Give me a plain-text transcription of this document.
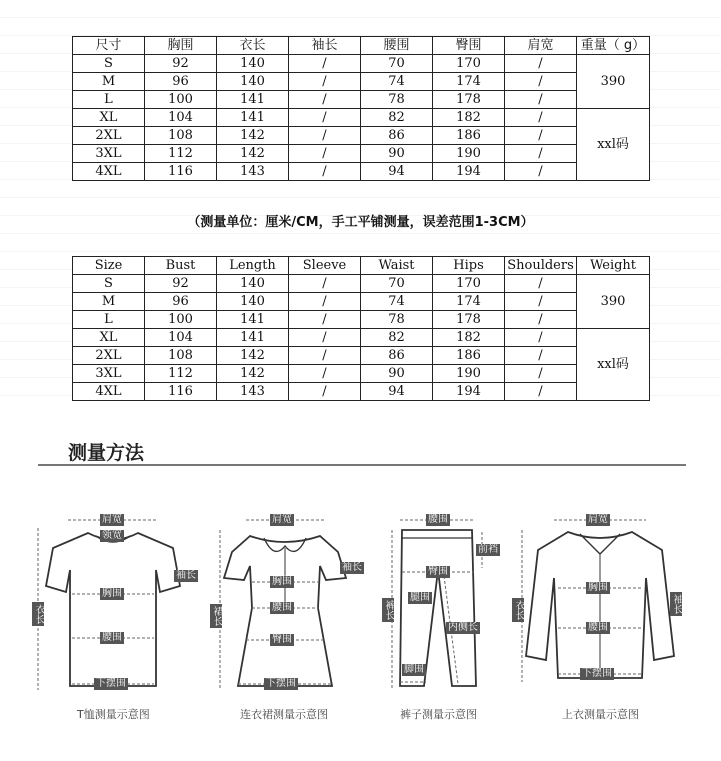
尺寸	胸围	衣长	袖长	腰围	臀围	肩宽	重量（ g）
S	92	140	/	70	170	/	390
M	96	140	/	74	174	/	
L	100	141	/	78	178	/	
XL	104	141	/	82	182	/	xxl码
2XL	108	142	/	86	186	/	
3XL	112	142	/	90	190	/	
4XL	116	143	/	94	194	/	
（测量单位：厘米/CM，手工平铺测量，误差范围1-3CM）
Size	Bust	Length	Sleeve	Waist	Hips	Shoulders	Weight
S	92	140	/	70	170	/	390
M	96	140	/	74	174	/	
L	100	141	/	78	178	/	
XL	104	141	/	82	182	/	xxl码
2XL	108	142	/	86	186	/	
3XL	112	142	/	90	190	/	
4XL	116	143	/	94	194	/	
测量方法
肩宽
领宽
袖长
衣长
胸围
腰围
下摆围
T恤测量示意图
肩宽
袖长
裙长
胸围
腰围
臀围
下摆围
连衣裙测量示意图
腰围
前裆
臀围
腿围
裤长
内侧长
脚围
裤子测量示意图
肩宽
袖长
衣长
胸围
腰围
下摆围
上衣测量示意图
